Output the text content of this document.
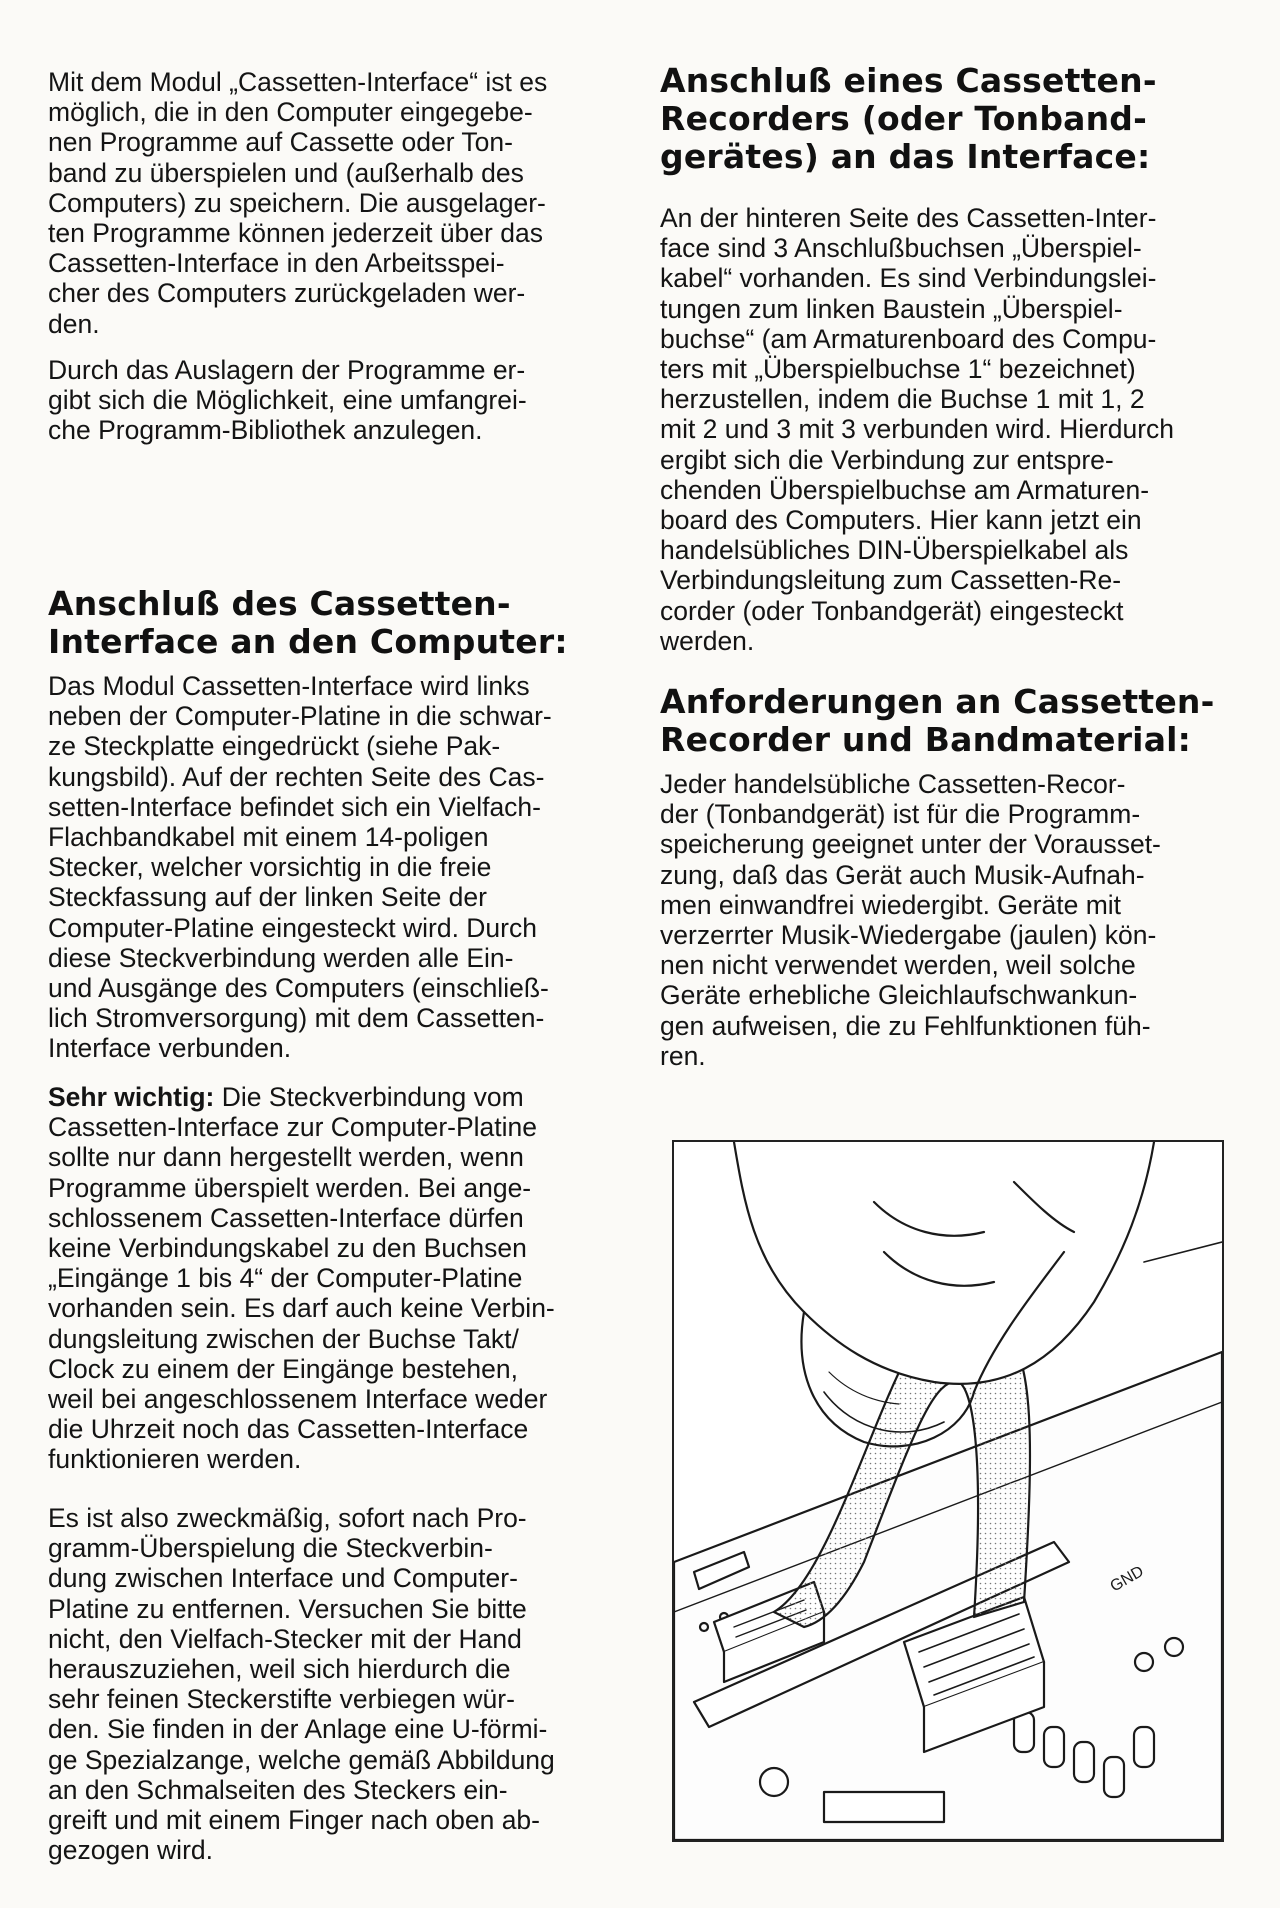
Mit dem Modul „Cassetten-Interface“ ist es
möglich, die in den Computer eingegebe-
nen Programme auf Cassette oder Ton-
band zu überspielen und (außerhalb des
Computers) zu speichern. Die ausgelager-
ten Programme können jederzeit über das
Cassetten-Interface in den Arbeitsspei-
cher des Computers zurückgeladen wer-
den.

Durch das Auslagern der Programme er-
gibt sich die Möglichkeit, eine umfangrei-
che Programm-Bibliothek anzulegen.

Anschluß des Cassetten-
Interface an den Computer:

Das Modul Cassetten-Interface wird links
neben der Computer-Platine in die schwar-
ze Steckplatte eingedrückt (siehe Pak-
kungsbild). Auf der rechten Seite des Cas-
setten-Interface befindet sich ein Vielfach-
Flachbandkabel mit einem 14-poligen
Stecker, welcher vorsichtig in die freie
Steckfassung auf der linken Seite der
Computer-Platine eingesteckt wird. Durch
diese Steckverbindung werden alle Ein-
und Ausgänge des Computers (einschließ-
lich Stromversorgung) mit dem Cassetten-
Interface verbunden.

Sehr wichtig: Die Steckverbindung vom
Cassetten-Interface zur Computer-Platine
sollte nur dann hergestellt werden, wenn
Programme überspielt werden. Bei ange-
schlossenem Cassetten-Interface dürfen
keine Verbindungskabel zu den Buchsen
„Eingänge 1 bis 4“ der Computer-Platine
vorhanden sein. Es darf auch keine Verbin-
dungsleitung zwischen der Buchse Takt/
Clock zu einem der Eingänge bestehen,
weil bei angeschlossenem Interface weder
die Uhrzeit noch das Cassetten-Interface
funktionieren werden.

Es ist also zweckmäßig, sofort nach Pro-
gramm-Überspielung die Steckverbin-
dung zwischen Interface und Computer-
Platine zu entfernen. Versuchen Sie bitte
nicht, den Vielfach-Stecker mit der Hand
herauszuziehen, weil sich hierdurch die
sehr feinen Steckerstifte verbiegen wür-
den. Sie finden in der Anlage eine U-förmi-
ge Spezialzange, welche gemäß Abbildung
an den Schmalseiten des Steckers ein-
greift und mit einem Finger nach oben ab-
gezogen wird.

Anschluß eines Cassetten-
Recorders (oder Tonband-
gerätes) an das Interface:

An der hinteren Seite des Cassetten-Inter-
face sind 3 Anschlußbuchsen „Überspiel-
kabel“ vorhanden. Es sind Verbindungslei-
tungen zum linken Baustein „Überspiel-
buchse“ (am Armaturenboard des Compu-
ters mit „Überspielbuchse 1“ bezeichnet)
herzustellen, indem die Buchse 1 mit 1, 2
mit 2 und 3 mit 3 verbunden wird. Hierdurch
ergibt sich die Verbindung zur entspre-
chenden Überspielbuchse am Armaturen-
board des Computers. Hier kann jetzt ein
handelsübliches DIN-Überspielkabel als
Verbindungsleitung zum Cassetten-Re-
corder (oder Tonbandgerät) eingesteckt
werden.

Anforderungen an Cassetten-
Recorder und Bandmaterial:

Jeder handelsübliche Cassetten-Recor-
der (Tonbandgerät) ist für die Programm-
speicherung geeignet unter der Vorausset-
zung, daß das Gerät auch Musik-Aufnah-
men einwandfrei wiedergibt. Geräte mit
verzerrter Musik-Wiedergabe (jaulen) kön-
nen nicht verwendet werden, weil solche
Geräte erhebliche Gleichlaufschwankun-
gen aufweisen, die zu Fehlfunktionen füh-
ren.

GND
